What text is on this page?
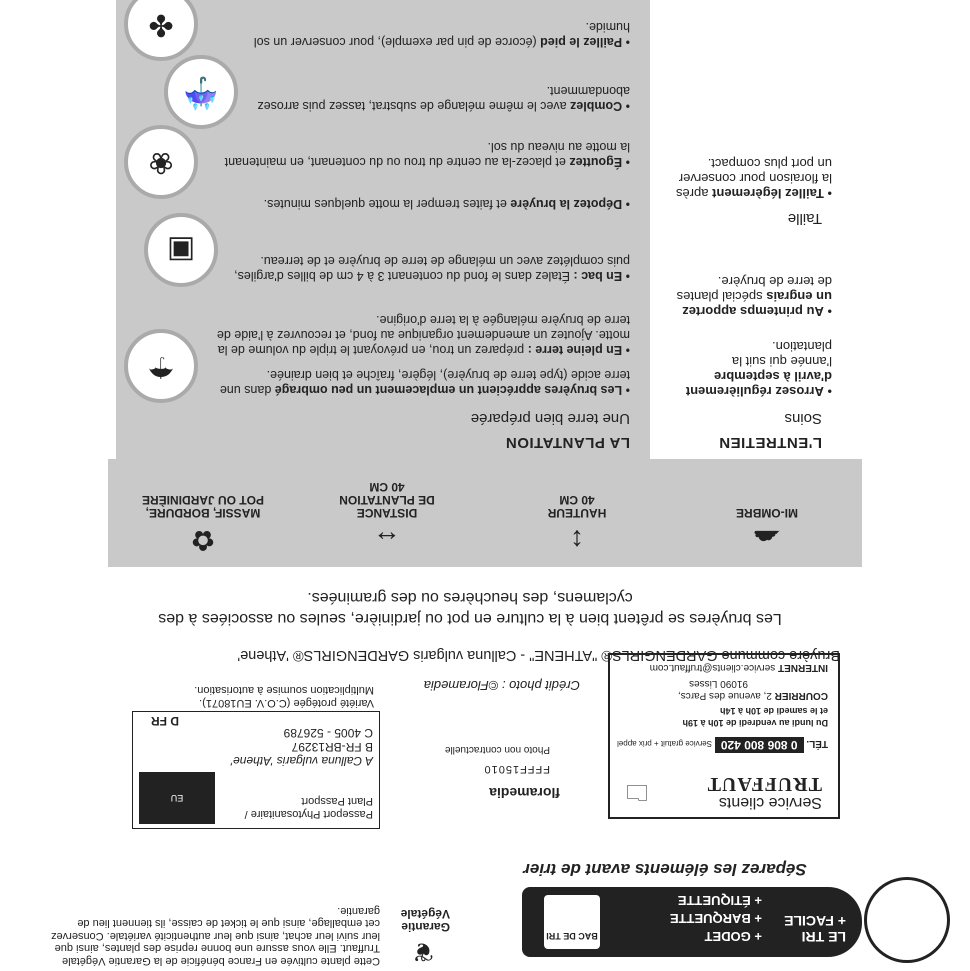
LE TRI
+ FACILE
+ GODET
+ BARQUETTE
+ ÉTIQUETTE
BAC DE TRI
Séparez les éléments avant de trier
❦
Garantie Végétale
Cette plante cultivée en France bénéficie de la Garantie Végétale Truffaut. Elle vous assure une bonne reprise des plantes, ainsi que leur suivi leur achat, ainsi que leur authenticité variétale. Conservez cet emballage, ainsi que le ticket de caisse, ils tiennent lieu de garantie.
🗀	Service clients
TRUFFAUT
TÉL. 0 806 800 420 Service gratuit + prix appel
Du lundi au vendredi de 10h à 19h
et le samedi de 10h à 14h
COURRIER 2, avenue des Parcs,
91090 Lisses
INTERNET service.clients@truffaut.com
floramedia
FFFF15010
Photo non contractuelle
Crédit photo : ©Floramedia
EU
Passeport Phytosanitaire / Plant Passport
A Calluna vulgaris 'Athene'
B FR-BR13297
C 4005 - 526789
D FR
Variété protégée (C.O.V. EU18071).
Multiplication soumise à autorisation.
Bruyère commune GARDENGIRLS® "ATHENE" - Calluna vulgaris GARDENGIRLS® 'Athene'
Les bruyères se prêtent bien à la culture en pot ou jardinière, seules ou associées à des cyclamens, des heuchères ou des graminées.
☁
MI-OMBRE
↕
HAUTEUR
40 CM
↔
DISTANCE
DE PLANTATION
40 CM
✿
MASSIF, BORDURE,
POT OU JARDINIÈRE
L'ENTRETIEN
Soins
• Arrosez régulièrement d'avril à septembre l'année qui suit la plantation.
• Au printemps apportez un engrais spécial plantes de terre de bruyère.
Taille
• Taillez légèrement après la floraison pour conserver un port plus compact.
LA PLANTATION
Une terre bien préparée
☂
• Les bruyères apprécient un emplacement un peu ombragé dans une terre acide (type terre de bruyère), légère, fraîche et bien drainée.
• En pleine terre : préparez un trou, en prévoyant le triple du volume de la motte. Ajoutez un amendement organique au fond, et recouvrez à l'aide de terre de bruyère mélangée à la terre d'origine.
▣
• En bac : Étalez dans le fond du contenant 3 à 4 cm de billes d'argiles, puis complétez avec un mélange de terre de bruyère et de terreau.
❀
• Dépotez la bruyère et faites tremper la motte quelques minutes.
• Égouttez et placez-la au centre du trou ou du contenant, en maintenant la motte au niveau du sol.
☔	• Comblez avec le même mélange de substrat, tassez puis arrosez abondamment.
✤
• Paillez le pied (écorce de pin par exemple), pour conserver un sol humide.
